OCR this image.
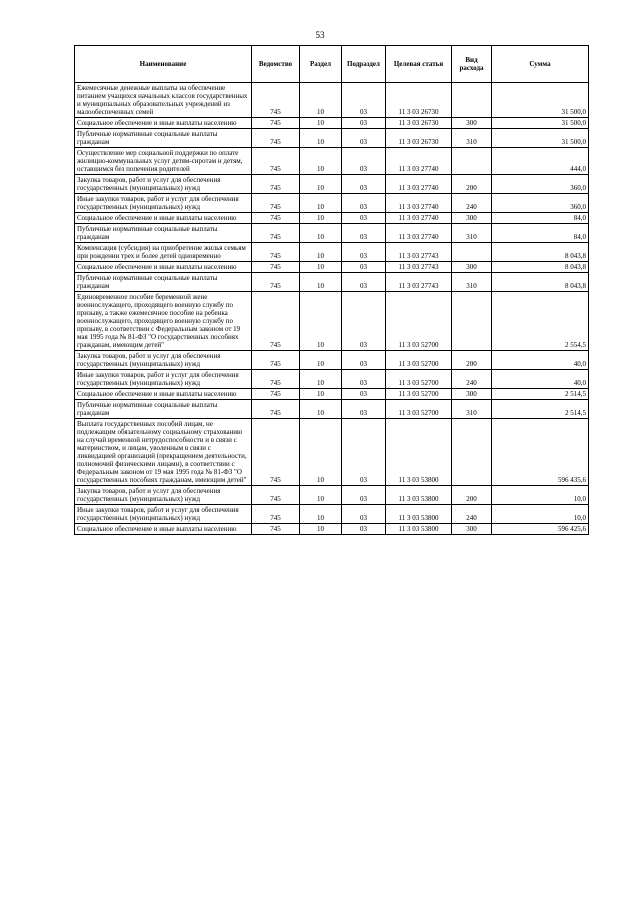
53
Наименование	Ведомство	Раздел	Подраздел	Целевая статья	Вид расхода	Сумма
Ежемесячные денежные выплаты на обеспечение питанием учащихся начальных классов государственных и муниципальных образовательных учреждений из малообеспеченных семей	745	10	03	11 3 03 26730		31 500,0
Социальное обеспечение и иные выплаты населению	745	10	03	11 3 03 26730	300	31 500,0
Публичные нормативные социальные выплаты гражданам	745	10	03	11 3 03 26730	310	31 500,0
Осуществление мер социальной поддержки по оплате жилищно-коммунальных услуг детям-сиротам и детям, оставшимся без попечения родителей	745	10	03	11 3 03 27740		444,0
Закупка товаров, работ и услуг для обеспечения государственных (муниципальных) нужд	745	10	03	11 3 03 27740	200	360,0
Иные закупки товаров, работ и услуг для обеспечения государственных (муниципальных) нужд	745	10	03	11 3 03 27740	240	360,0
Социальное обеспечение и иные выплаты населению	745	10	03	11 3 03 27740	300	84,0
Публичные нормативные социальные выплаты гражданам	745	10	03	11 3 03 27740	310	84,0
Компенсация (субсидия) на приобретение жилья семьям при рождении трех и более детей одновременно	745	10	03	11 3 03 27743		8 043,8
Социальное обеспечение и иные выплаты населению	745	10	03	11 3 03 27743	300	8 043,8
Публичные нормативные социальные выплаты гражданам	745	10	03	11 3 03 27743	310	8 043,8
Единовременное пособие беременной жене военнослужащего, проходящего военную службу по призыву, а также ежемесячное пособие на ребенка военнослужащего, проходящего военную службу по призыву, в соответствии с Федеральным законом от 19 мая 1995 года № 81-ФЗ "О государственных пособиях гражданам, имеющим детей"	745	10	03	11 3 03 52700		2 554,5
Закупка товаров, работ и услуг для обеспечения государственных (муниципальных) нужд	745	10	03	11 3 03 52700	200	40,0
Иные закупки товаров, работ и услуг для обеспечения государственных (муниципальных) нужд	745	10	03	11 3 03 52700	240	40,0
Социальное обеспечение и иные выплаты населению	745	10	03	11 3 03 52700	300	2 514,5
Публичные нормативные социальные выплаты гражданам	745	10	03	11 3 03 52700	310	2 514,5
Выплата государственных пособий лицам, не подлежащим обязательному социальному страхованию на случай временной нетрудоспособности и в связи с материнством, и лицам, уволенным в связи с ликвидацией организаций (прекращением деятельности, полномочий физическими лицами), в соответствии с Федеральным законом от 19 мая 1995 года № 81-ФЗ "О государственных пособиях гражданам, имеющим детей"	745	10	03	11 3 03 53800		596 435,6
Закупка товаров, работ и услуг для обеспечения государственных (муниципальных) нужд	745	10	03	11 3 03 53800	200	10,0
Иные закупки товаров, работ и услуг для обеспечения государственных (муниципальных) нужд	745	10	03	11 3 03 53800	240	10,0
Социальное обеспечение и иные выплаты населению	745	10	03	11 3 03 53800	300	596 425,6
